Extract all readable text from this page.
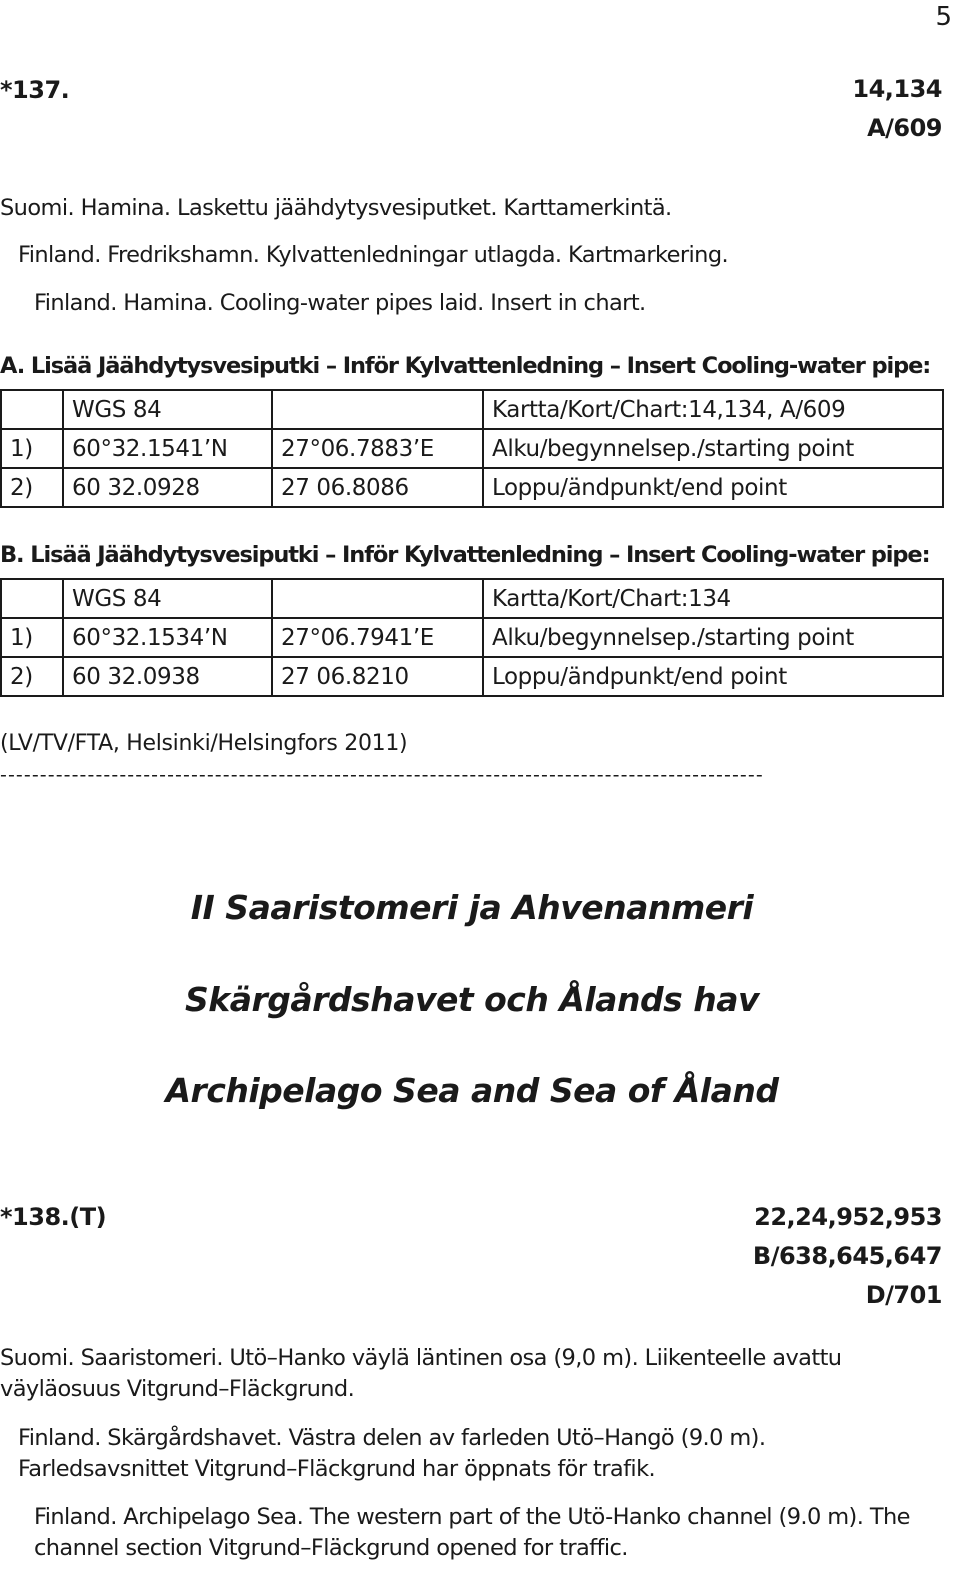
5
*137.	14,134
A/609
Suomi. Hamina. Laskettu jäähdytysvesiputket. Karttamerkintä.
Finland. Fredrikshamn. Kylvattenledningar utlagda. Kartmarkering.
Finland. Hamina. Cooling-water pipes laid. Insert in chart.
A. Lisää Jäähdytysvesiputki – Inför Kylvattenledning – Insert Cooling-water pipe:
	WGS 84		Kartta/Kort/Chart:14,134, A/609
1)	60°32.1541’N	27°06.7883’E	Alku/begynnelsep./starting point
2)	60 32.0928	27 06.8086	Loppu/ändpunkt/end point
B. Lisää Jäähdytysvesiputki – Inför Kylvattenledning – Insert Cooling-water pipe:
	WGS 84		Kartta/Kort/Chart:134
1)	60°32.1534’N	27°06.7941’E	Alku/begynnelsep./starting point
2)	60 32.0938	27 06.8210	Loppu/ändpunkt/end point
(LV/TV/FTA, Helsinki/Helsingfors 2011)
------------------------------------------------------------------------------------------------
II Saaristomeri ja Ahvenanmeri
Skärgårdshavet och Ålands hav
Archipelago Sea and Sea of Åland
*138.(T)	22,24,952,953
B/638,645,647
D/701
Suomi. Saaristomeri. Utö–Hanko väylä läntinen osa (9,0 m). Liikenteelle avattu väyläosuus Vitgrund–Fläckgrund.
Finland. Skärgårdshavet. Västra delen av farleden Utö–Hangö (9.0 m). Farledsavsnittet Vitgrund–Fläckgrund har öppnats för trafik.
Finland. Archipelago Sea. The western part of the Utö-Hanko channel (9.0 m). The channel section Vitgrund–Fläckgrund opened for traffic.
